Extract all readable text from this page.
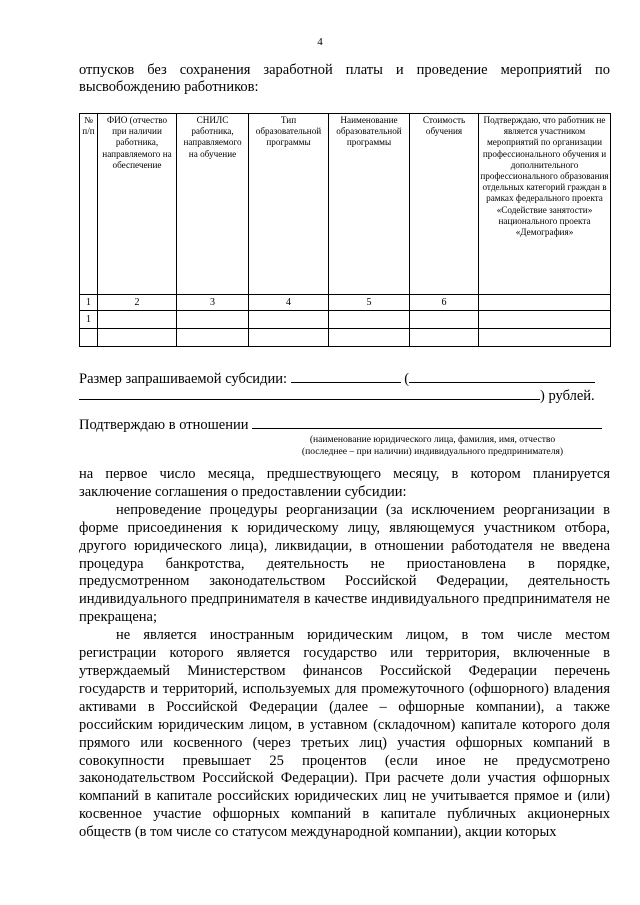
4
отпусков без сохранения заработной платы и проведение мероприятий по высвобождению работников:
№ п/п	ФИО (отчество при наличии работника, направляемого на обеспечение	СНИЛС работника, направляемого на обучение	Тип образовательной программы	Наименование образовательной программы	Стоимость обучения	Подтверждаю, что работник не является участником мероприятий по организации профессионального обучения и дополнительного профессионального образования отдельных категорий граждан в рамках федерального проекта «Содействие занятости» национального проекта «Демография»
1	2	3	4	5	6	
1						

Размер запрашиваемой субсидии:	(
) рублей.
Подтверждаю в отношении
(наименование юридического лица, фамилия, имя, отчество
(последнее – при наличии) индивидуального предпринимателя)

на первое число месяца, предшествующего месяцу, в котором планируется заключение соглашения о предоставлении субсидии:

непроведение процедуры реорганизации (за исключением реорганизации в форме присоединения к юридическому лицу, являющемуся участником отбора, другого юридического лица), ликвидации, в отношении работодателя не введена процедура банкротства, деятельность не приостановлена в порядке, предусмотренном законодательством Российской Федерации, деятельность индивидуального предпринимателя в качестве индивидуального предпринимателя не прекращена;

не является иностранным юридическим лицом, в том числе местом регистрации которого является государство или территория, включенные в утверждаемый Министерством финансов Российской Федерации перечень государств и территорий, используемых для промежуточного (офшорного) владения активами в Российской Федерации (далее – офшорные компании), а также российским юридическим лицом, в уставном (складочном) капитале которого доля прямого или косвенного (через третьих лиц) участия офшорных компаний в совокупности превышает 25 процентов (если иное не предусмотрено законодательством Российской Федерации). При расчете доли участия офшорных компаний в капитале российских юридических лиц не учитывается прямое и (или) косвенное участие офшорных компаний в капитале публичных акционерных обществ (в том числе со статусом международной компании), акции которых
